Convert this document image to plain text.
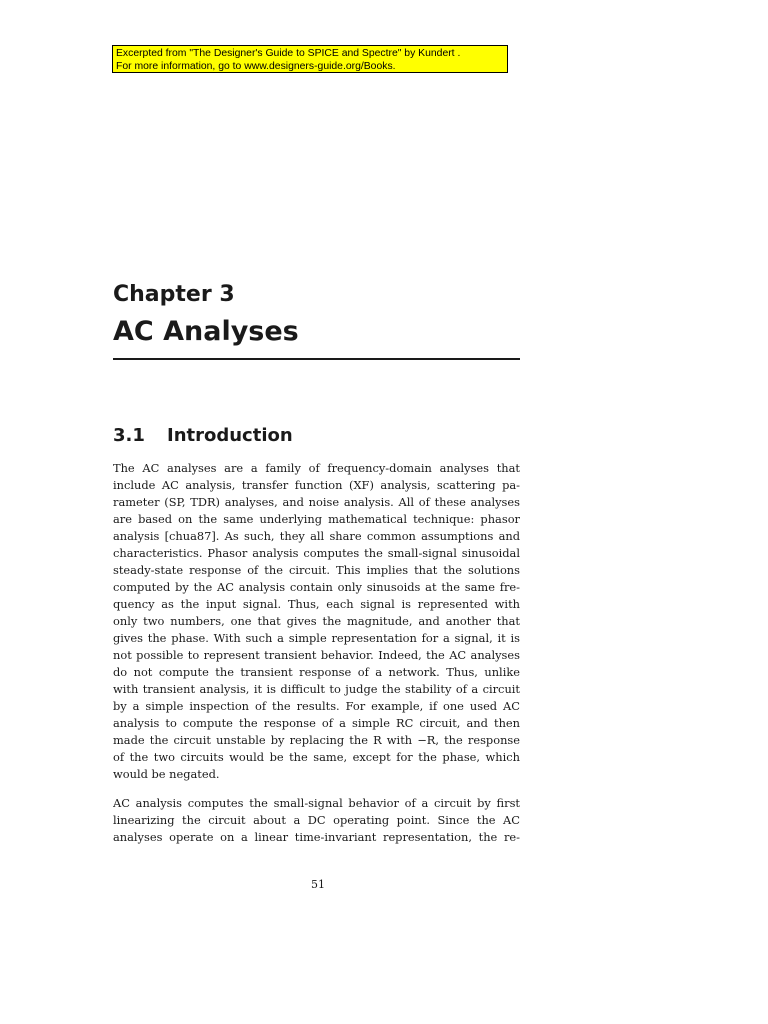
Excerpted from "The Designer's Guide to SPICE and Spectre" by Kundert .
For more information, go to www.designers-guide.org/Books.
Chapter 3
AC Analyses
3.1 Introduction
The AC analyses are a family of frequency-domain analyses that
include AC analysis, transfer function (XF) analysis, scattering pa-
rameter (SP, TDR) analyses, and noise analysis. All of these analyses
are based on the same underlying mathematical technique: phasor
analysis [chua87]. As such, they all share common assumptions and
characteristics. Phasor analysis computes the small-signal sinusoidal
steady-state response of the circuit. This implies that the solutions
computed by the AC analysis contain only sinusoids at the same fre-
quency as the input signal. Thus, each signal is represented with
only two numbers, one that gives the magnitude, and another that
gives the phase. With such a simple representation for a signal, it is
not possible to represent transient behavior. Indeed, the AC analyses
do not compute the transient response of a network. Thus, unlike
with transient analysis, it is difficult to judge the stability of a circuit
by a simple inspection of the results. For example, if one used AC
analysis to compute the response of a simple RC circuit, and then
made the circuit unstable by replacing the R with −R, the response
of the two circuits would be the same, except for the phase, which
would be negated.
AC analysis computes the small-signal behavior of a circuit by first
linearizing the circuit about a DC operating point. Since the AC
analyses operate on a linear time-invariant representation, the re-
51
